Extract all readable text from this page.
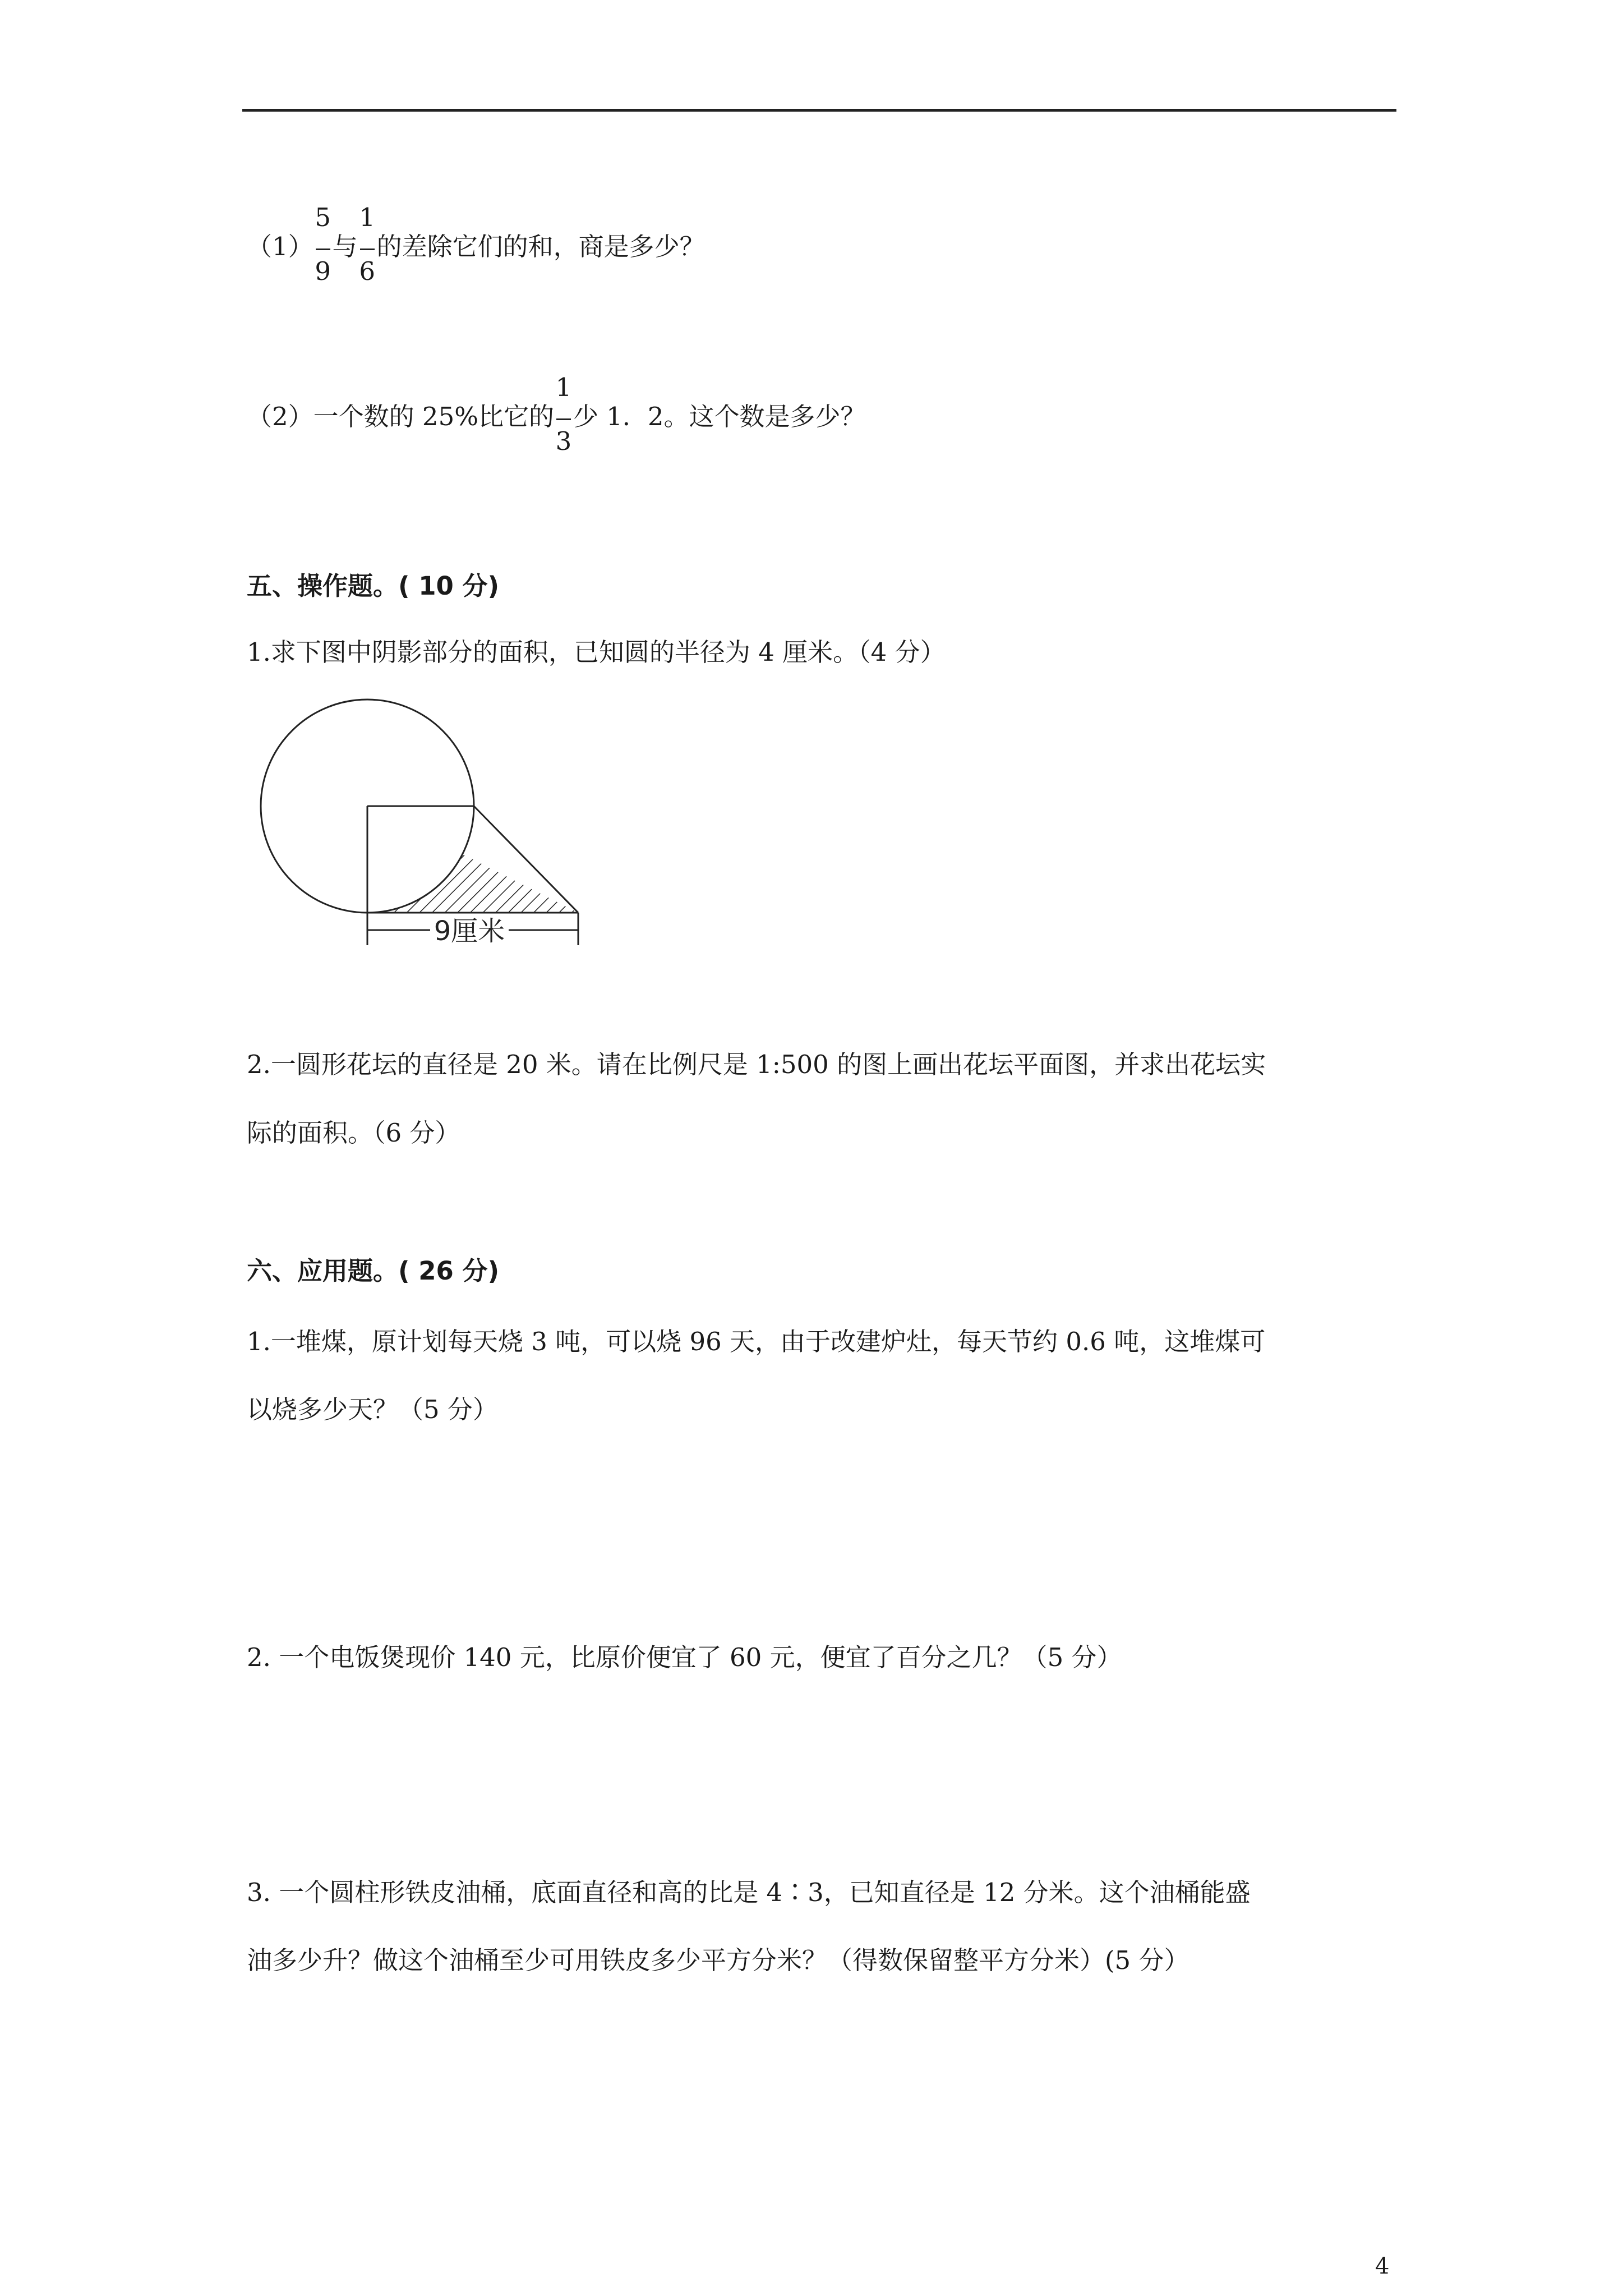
$(1) \frac{5}{9}$ 与 $\frac{1}{6}$ 的差除它们的和，商是多少？
（2）一个数的 25%比它的 $\frac{1}{3}$ 少 1．2。这个数是多少？
五、操作题。( 10 分)
1.求下图中阴影部分的面积，已知圆的半径为 4 厘米。（4 分）
9厘米
2.一圆形花坛的直径是 20 米。请在比例尺是 1:500 的图上画出花坛平面图，并求出花坛实
际的面积。（6 分）
六、应用题。( 26 分)
1.一堆煤，原计划每天烧 3 吨，可以烧 96 天，由于改建炉灶，每天节约 0.6 吨，这堆煤可
以烧多少天？（5 分）
2. 一个电饭煲现价 140 元，比原价便宜了 60 元，便宜了百分之几？（5 分）
3. 一个圆柱形铁皮油桶，底面直径和高的比是 4∶3，已知直径是 12 分米。这个油桶能盛
油多少升？做这个油桶至少可用铁皮多少平方分米？（得数保留整平方分米）(5 分）
4
